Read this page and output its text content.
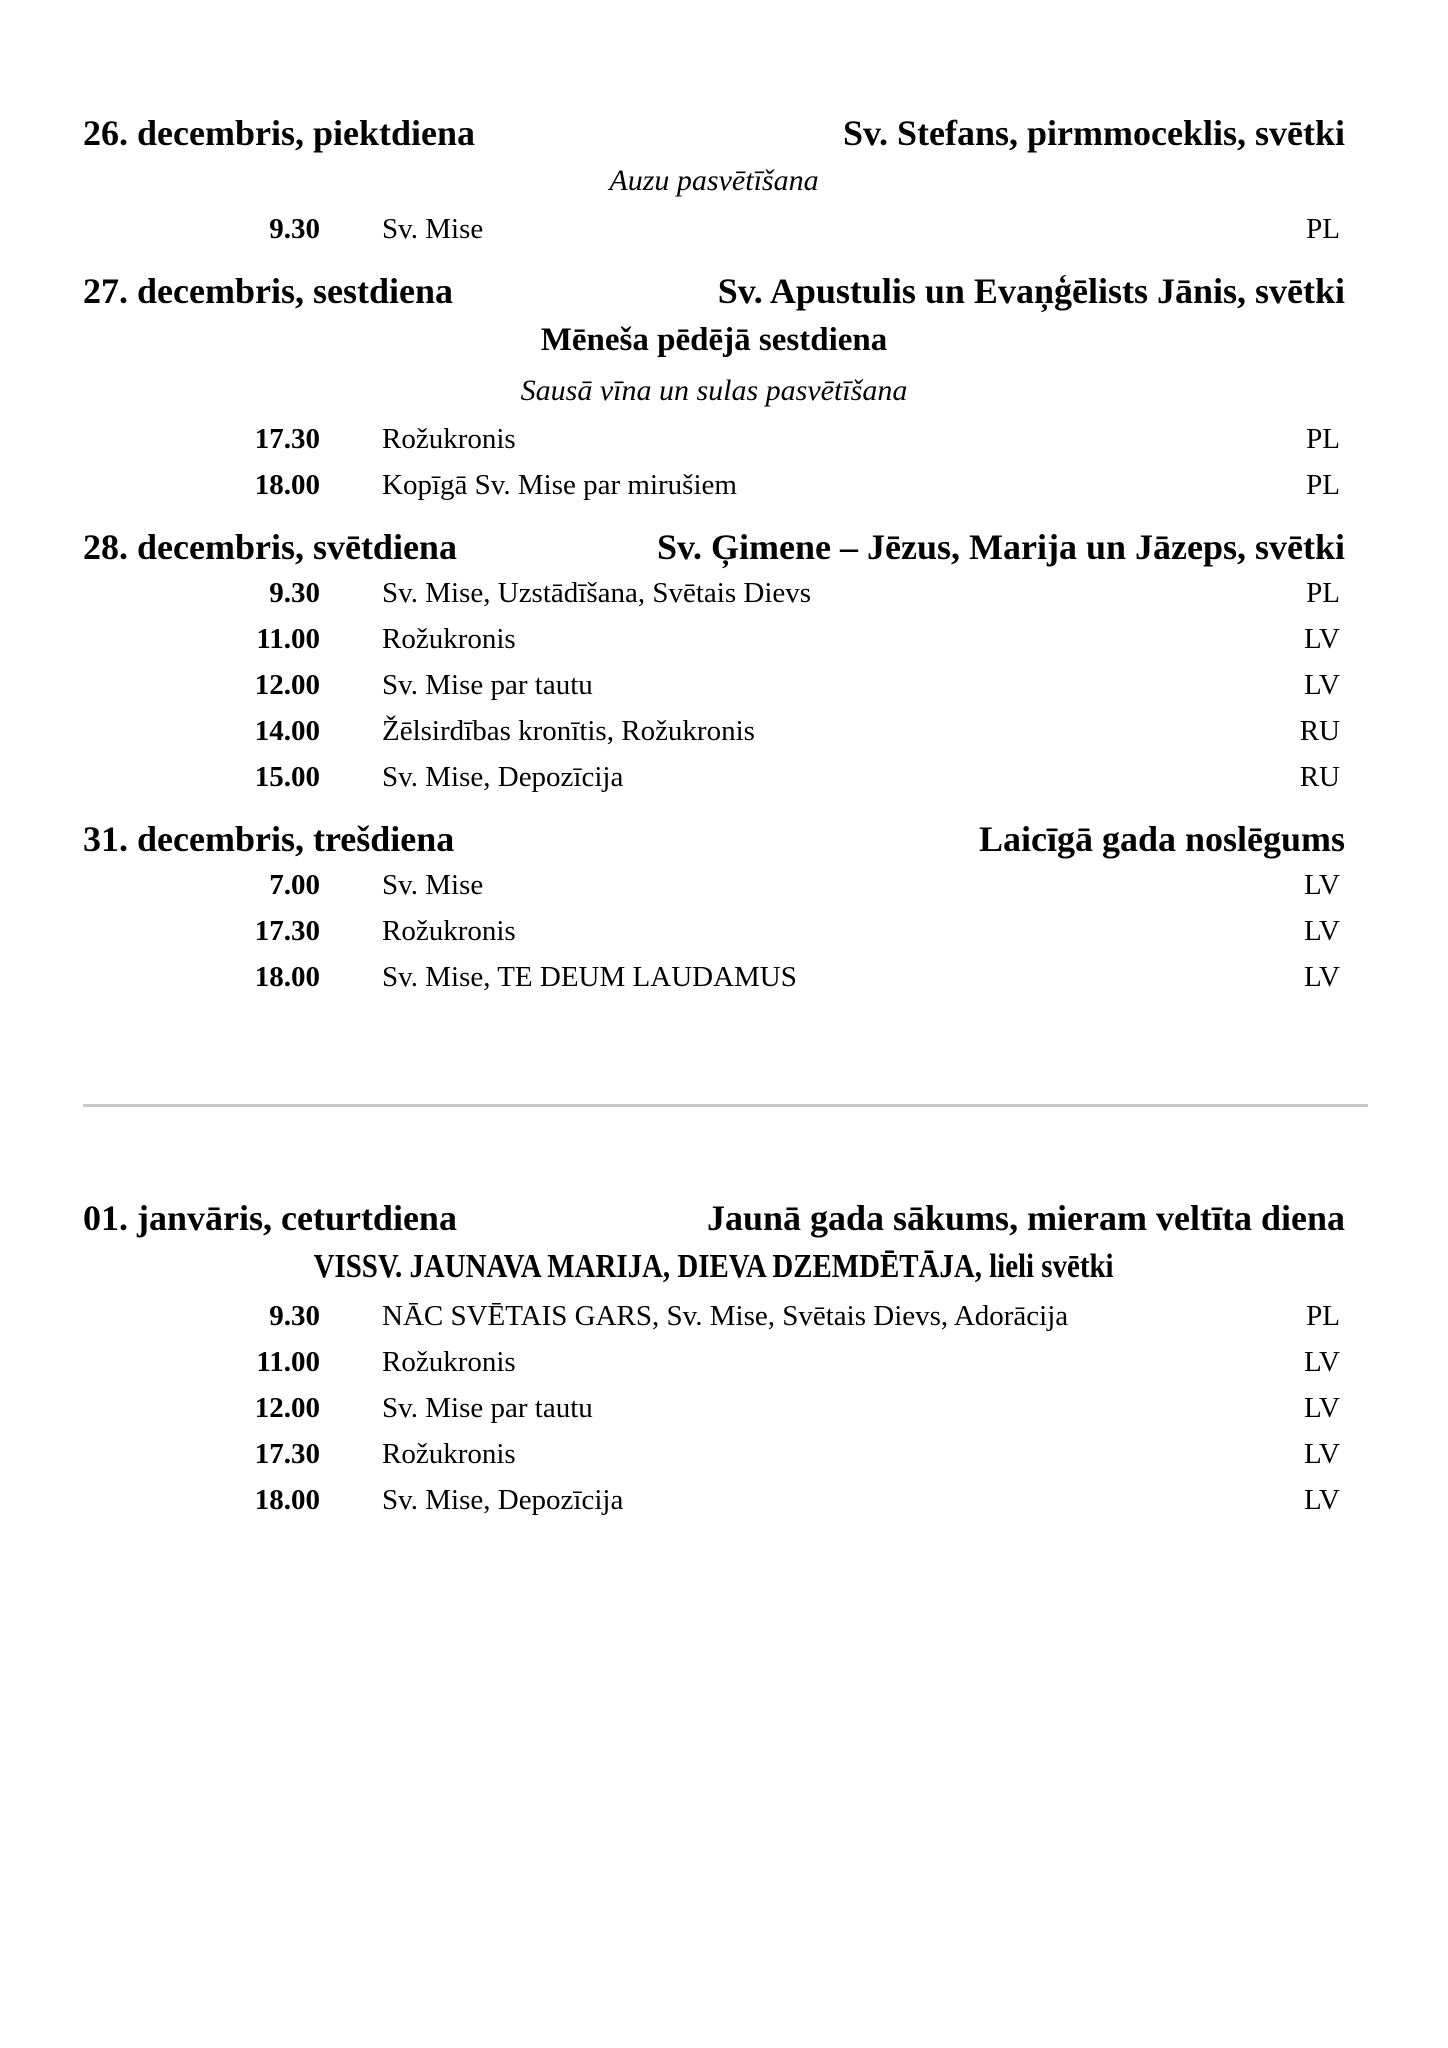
26. decembris, piektdiena	Sv. Stefans, pirmmoceklis, svētki
Auzu pasvētīšana
9.30 Sv. Mise	PL
27. decembris, sestdiena	Sv. Apustulis un Evaņģēlists Jānis, svētki
Mēneša pēdējā sestdiena
Sausā vīna un sulas pasvētīšana
17.30 Rožukronis	PL
18.00 Kopīgā Sv. Mise par mirušiem	PL
28. decembris, svētdiena	Sv. Ģimene – Jēzus, Marija un Jāzeps, svētki
9.30 Sv. Mise, Uzstādīšana, Svētais Dievs	PL
11.00 Rožukronis	LV
12.00 Sv. Mise par tautu	LV
14.00 Žēlsirdības kronītis, Rožukronis	RU
15.00 Sv. Mise, Depozīcija	RU
31. decembris, trešdiena	Laicīgā gada noslēgums
7.00 Sv. Mise	LV
17.30 Rožukronis	LV
18.00 Sv. Mise, TE DEUM LAUDAMUS	LV
01. janvāris, ceturtdiena	Jaunā gada sākums, mieram veltīta diena
VISSV. JAUNAVA MARIJA, DIEVA DZEMDĒTĀJA, lieli svētki
9.30 NĀC SVĒTAIS GARS, Sv. Mise, Svētais Dievs, Adorācija	PL
11.00 Rožukronis	LV
12.00 Sv. Mise par tautu	LV
17.30 Rožukronis	LV
18.00 Sv. Mise, Depozīcija	LV
